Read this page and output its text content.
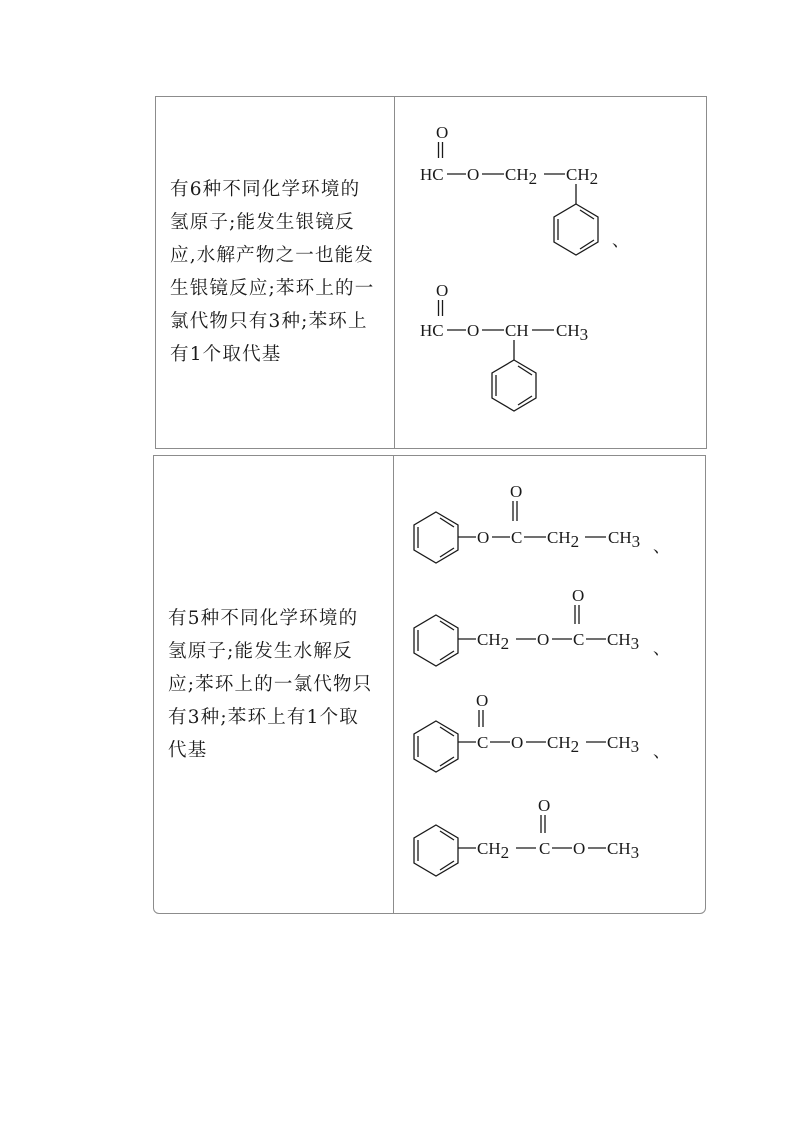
有6种不同化学环境的
氢原子;能发生银镜反
应,水解产物之一也能发
生银镜反应;苯环上的一
氯代物只有3种;苯环上
有1个取代基
O
HC O CH2 CH2
、
O
HC O CH CH3
有5种不同化学环境的
氢原子;能发生水解反
应;苯环上的一氯代物只
有3种;苯环上有1个取
代基
O
O
C CH2 CH3 、
CH2 O
O
C CH3 、
O
C O CH2 CH3 、
CH2
O
C O CH3
